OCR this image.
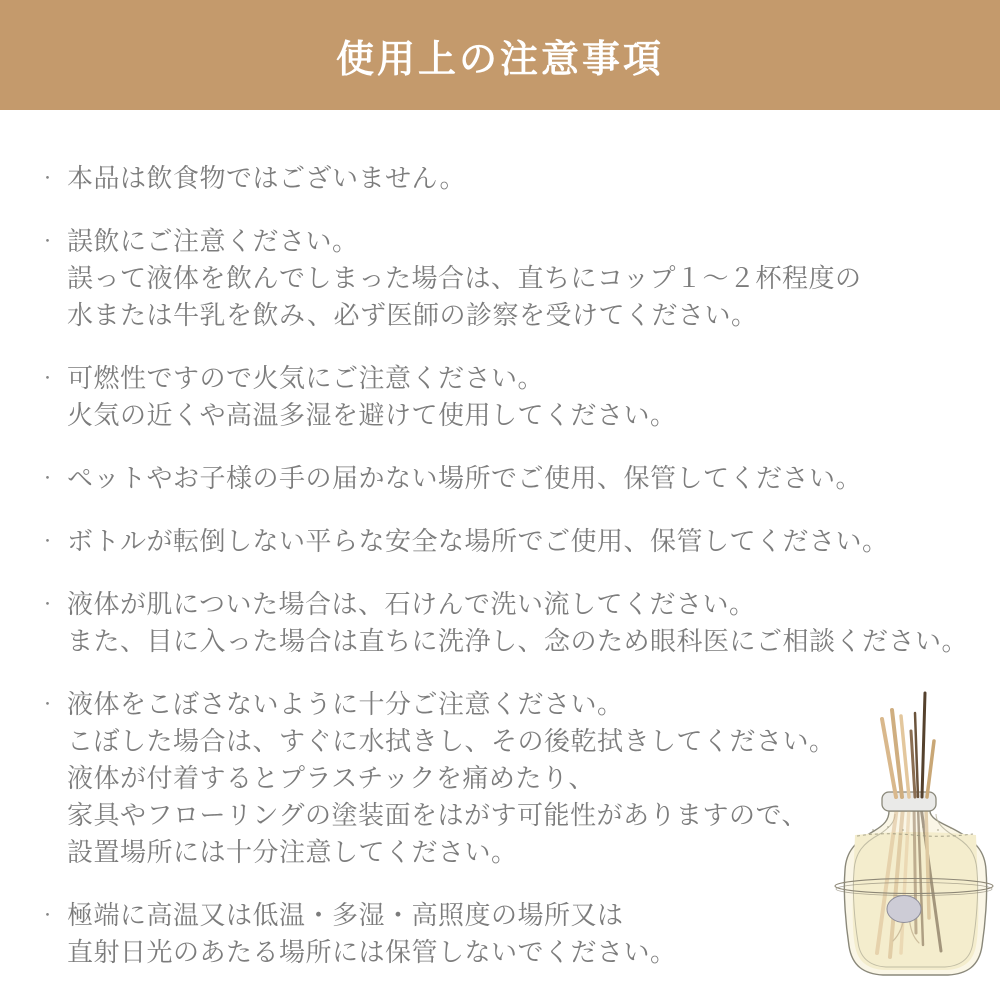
使用上の注意事項
・ 本品は飲食物ではございません。
・ 誤飲にご注意ください。
誤って液体を飲んでしまった場合は、直ちにコップ１～２杯程度の
水または牛乳を飲み、必ず医師の診察を受けてください。
・ 可燃性ですので火気にご注意ください。
火気の近くや高温多湿を避けて使用してください。
・ ペットやお子様の手の届かない場所でご使用、保管してください。
・ ボトルが転倒しない平らな安全な場所でご使用、保管してください。
・ 液体が肌についた場合は、石けんで洗い流してください。
また、目に入った場合は直ちに洗浄し、念のため眼科医にご相談ください。
・ 液体をこぼさないように十分ご注意ください。
こぼした場合は、すぐに水拭きし、その後乾拭きしてください。
液体が付着するとプラスチックを痛めたり、
家具やフローリングの塗装面をはがす可能性がありますので、
設置場所には十分注意してください。
・ 極端に高温又は低温・多湿・高照度の場所又は
直射日光のあたる場所には保管しないでください。
